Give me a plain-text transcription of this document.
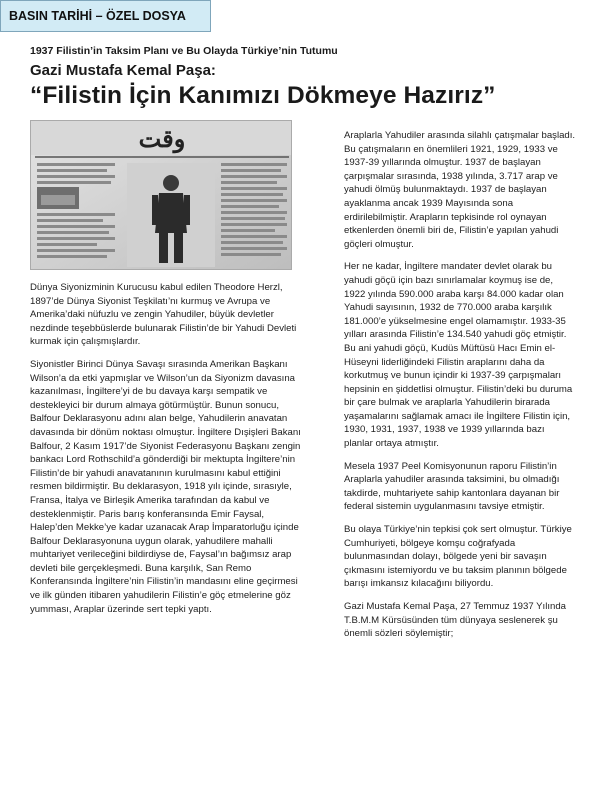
BASIN TARİHİ – ÖZEL DOSYA
1937 Filistin’in Taksim Planı ve Bu Olayda Türkiye’nin Tutumu
Gazi Mustafa Kemal Paşa:
“Filistin İçin Kanımızı Dökmeye Hazırız”
وقت

Dünya Siyonizminin Kurucusu kabul edilen Theodore Herzl, 1897’de Dünya Siyonist Teşkilatı’nı kurmuş ve Avrupa ve Amerika’daki nüfuzlu ve zengin Yahudiler, büyük devletler nezdinde teşebbüslerde bulunarak Filistin’de bir Yahudi Devleti kurmak için çalışmışlardır.

Siyonistler Birinci Dünya Savaşı sırasında Amerikan Başkanı Wilson’a da etki yapmışlar ve Wilson’un da Siyonizm davasına kazanılması, İngiltere’yi de bu davaya karşı sempatik ve destekleyici bir durum almaya götürmüştür. Bunun sonucu, Balfour Deklarasyonu adını alan belge, Yahudilerin anavatan davasında bir dönüm noktası olmuştur. İngiltere Dışişleri Bakanı Balfour, 2 Kasım 1917’de Siyonist Federasyonu Başkanı zengin bankacı Lord Rothschild’a gönderdiği bir mektupta İngiltere’nin Filistin’de bir yahudi anavatanının kurulmasını kabul ettiğini resmen bildirmiştir. Bu deklarasyon, 1918 yılı içinde, sırasıyle, Fransa, İtalya ve Birleşik Amerika tarafından da kabul ve desteklenmiştir. Paris barış konferansında Emir Faysal, Halep’den Mekke’ye kadar uzanacak Arap İmparatorluğu içinde Balfour Deklarasyonuna uygun olarak, yahudilere mahalli muhtariyet verileceğini bildirdiyse de, Faysal’ın bağımsız arap devleti bile gerçekleşmedi. Buna karşılık, San Remo Konferansında İngiltere’nin Filistin’in mandasını eline geçirmesi ve ilk günden itibaren yahudilerin Filistin’e göç etmelerine göz yumması, Araplar üzerinde sert tepki yaptı.

Araplarla Yahudiler arasında silahlı çatışmalar başladı. Bu çatışmaların en önemlileri 1921, 1929, 1933 ve 1937-39 yıllarında olmuştur. 1937 de başlayan çarpışmalar sırasında, 1938 yılında, 3.717 arap ve yahudi ölmüş bulunmaktaydı. 1937 de başlayan ayaklanma ancak 1939 Mayısında sona erdirilebilmiştir. Arapların tepkisinde rol oynayan etkenlerden önemli biri de, Filistin’e yapılan yahudi göçleri olmuştur.

Her ne kadar, İngiltere mandater devlet olarak bu yahudi göçü için bazı sınırlamalar koymuş ise de, 1922 yılında 590.000 araba karşı 84.000 kadar olan Yahudi sayısının, 1932 de 770.000 araba karşılık 181.000’e yükselmesine engel olamamıştır. 1933-35 yılları arasında Filistin’e 134.540 yahudi göç etmiştir. Bu ani yahudi göçü, Kudüs Müftüsü Hacı Emin el-Hüseyni liderliğindeki Filistin araplarını daha da korkutmuş ve bunun içindir ki 1937-39 çarpışmaları hepsinin en şiddetlisi olmuştur. Filistin’deki bu duruma bir çare bulmak ve araplarla Yahudilerin birarada yaşamalarını sağlamak amacı ile İngiltere Filistin için, 1930, 1931, 1937, 1938 ve 1939 yıllarında bazı planlar ortaya atmıştır.

Mesela 1937 Peel Komisyonunun raporu Filistin’in Araplarla yahudiler arasında taksimini, bu olmadığı takdirde, muhtariyete sahip kantonlara dayanan bir federal sistemin uygulanmasını tavsiye etmiştir.

Bu olaya Türkiye’nin tepkisi çok sert olmuştur. Türkiye Cumhuriyeti, bölgeye komşu coğrafyada bulunmasından dolayı, bölgede yeni bir savaşın çıkmasını istemiyordu ve bu taksim planının bölgede barışı imkansız kılacağını biliyordu.

Gazi Mustafa Kemal Paşa, 27 Temmuz 1937 Yılında T.B.M.M Kürsüsünden tüm dünyaya seslenerek şu önemli sözleri söylemiştir;
